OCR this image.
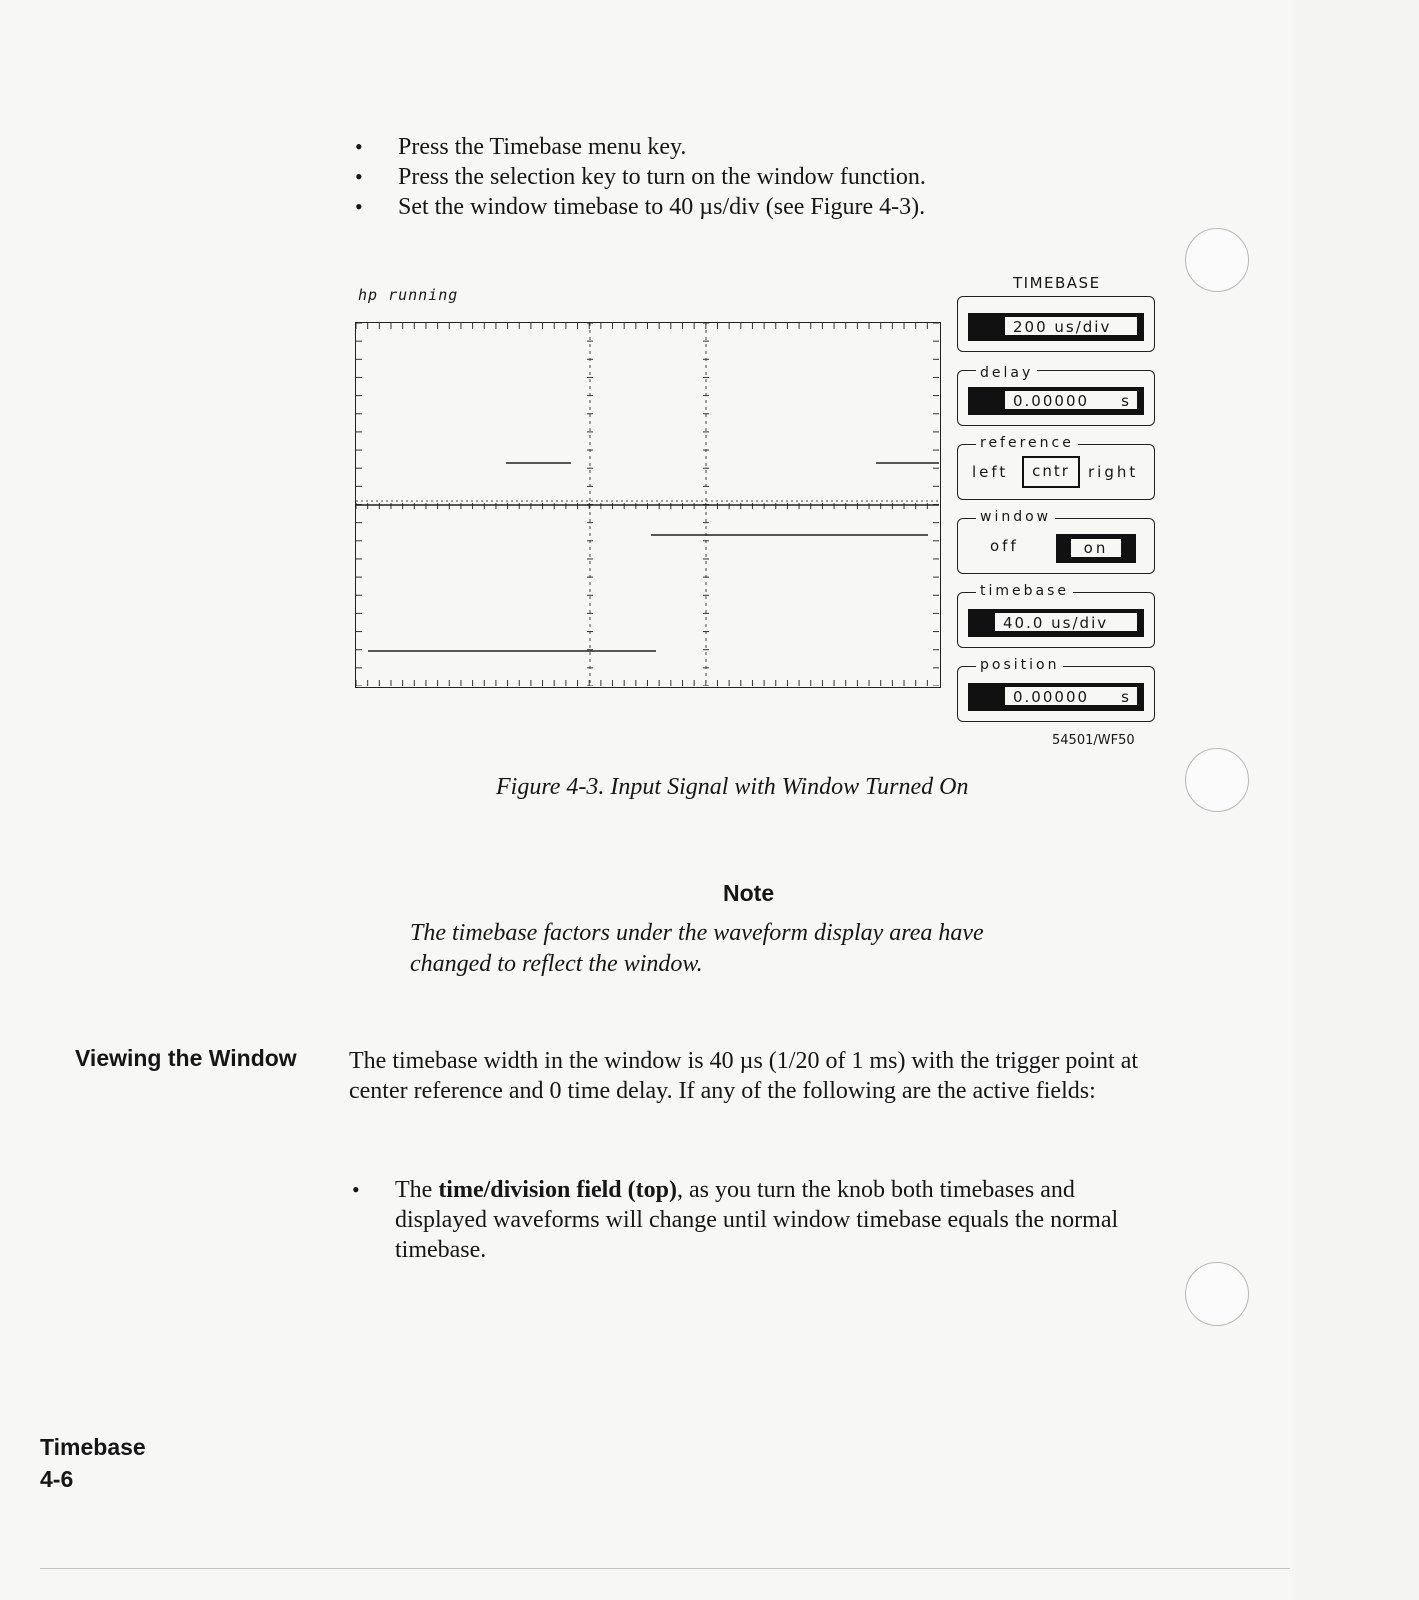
• Press the Timebase menu key.
• Press the selection key to turn on the window function.
• Set the window timebase to 40 µs/div (see Figure 4-3).
hp running
TIMEBASE
200 us/div
delay
0.00000 s
reference
left	cntr	right
window
off	on
timebase
40.0 us/div
position
0.00000 s
54501/WF50
Figure 4-3. Input Signal with Window Turned On
Note
The timebase factors under the waveform display area have changed to reflect the window.
Viewing the Window The timebase width in the window is 40 µs (1/20 of 1 ms) with the trigger point at center reference and 0 time delay. If any of the following are the active fields:
• The time/division field (top), as you turn the knob both timebases and displayed waveforms will change until window timebase equals the normal timebase.
Timebase
4-6
